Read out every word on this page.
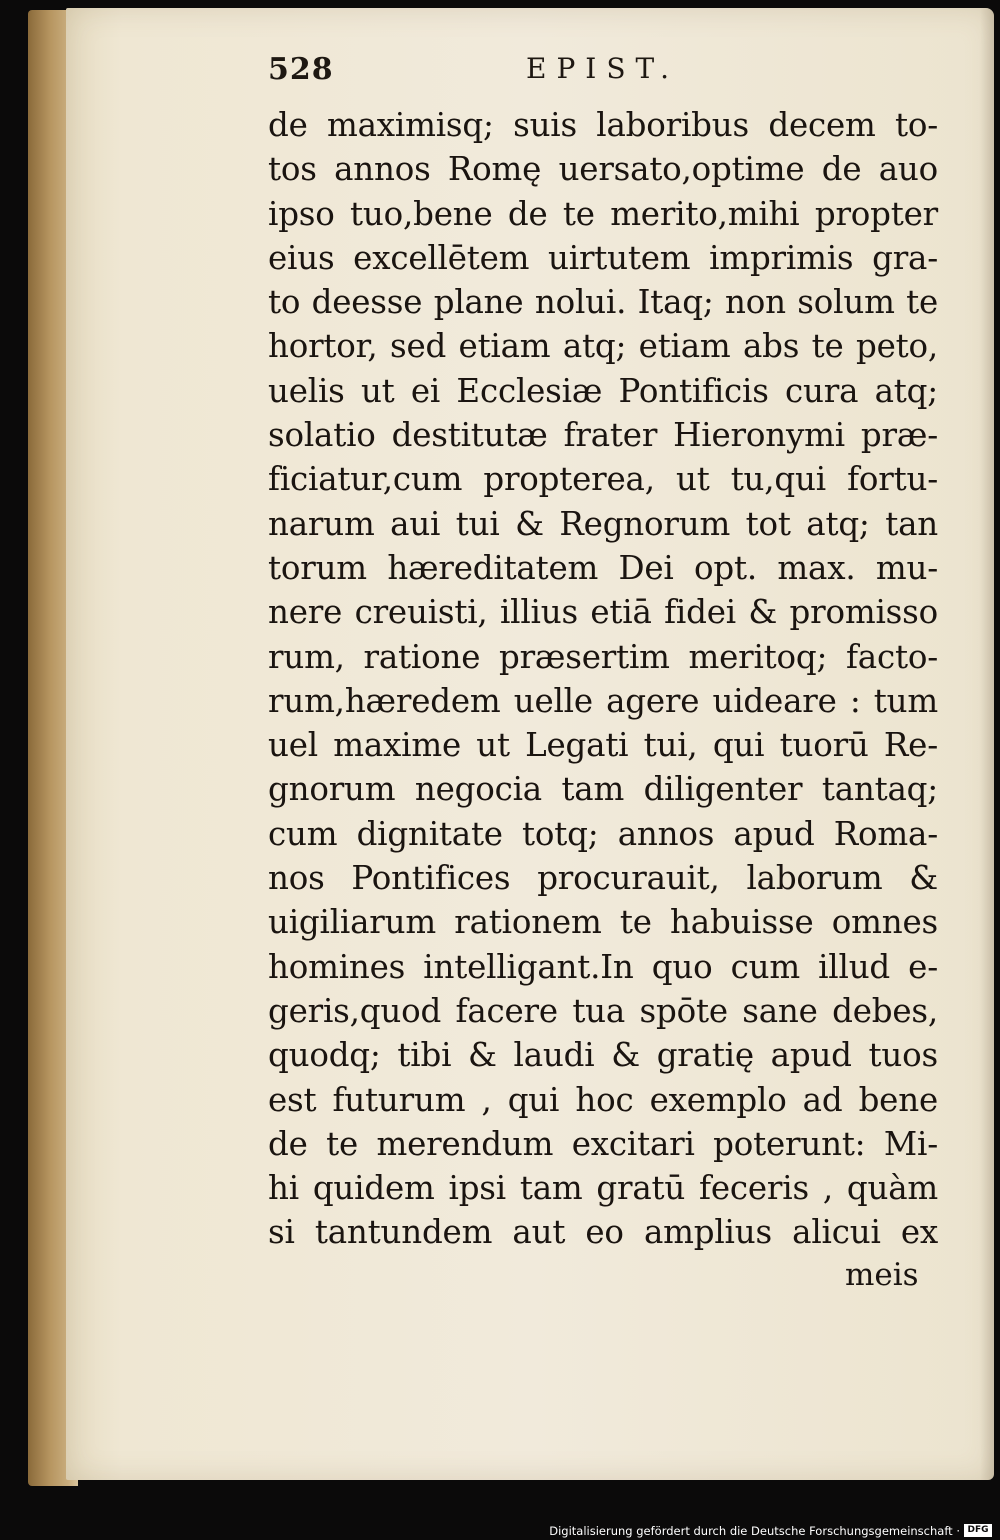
528	EPIST.
de maximisq; suis laboribus decem to-
tos annos Romę uersato,optime de auo
ipso tuo,bene de te merito,mihi propter
eius excellētem uirtutem imprimis gra-
to deesse plane nolui. Itaq; non solum te
hortor, sed etiam atq; etiam abs te peto,
uelis ut ei Ecclesiæ Pontificis cura atq;
solatio destitutæ frater Hieronymi præ-
ficiatur,cum propterea, ut tu,qui fortu-
narum aui tui & Regnorum tot atq; tan
torum hæreditatem Dei opt. max. mu-
nere creuisti, illius etiā fidei & promisso
rum, ratione præsertim meritoq; facto-
rum,hæredem uelle agere uideare : tum
uel maxime ut Legati tui, qui tuorū Re-
gnorum negocia tam diligenter tantaq;
cum dignitate totq; annos apud Roma-
nos Pontifices procurauit, laborum &
uigiliarum rationem te habuisse omnes
homines intelligant.In quo cum illud e-
geris,quod facere tua spōte sane debes,
quodq; tibi & laudi & gratię apud tuos
est futurum , qui hoc exemplo ad bene
de te merendum excitari poterunt: Mi-
hi quidem ipsi tam gratū feceris , quàm
si tantundem aut eo amplius alicui ex
meis
Digitalisierung gefördert durch die Deutsche Forschungsgemeinschaft · DFG
